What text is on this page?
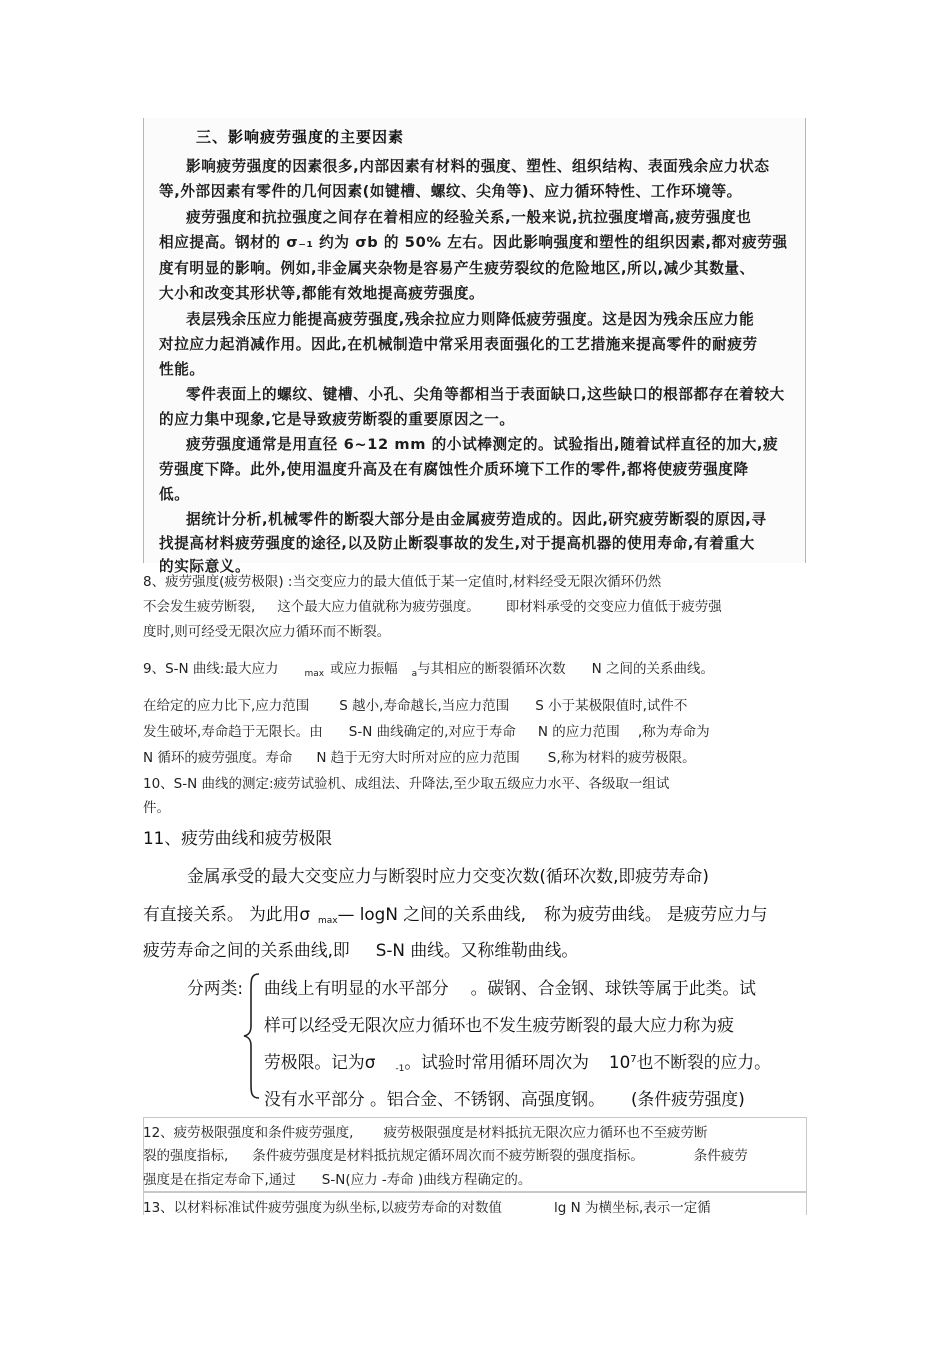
三、影响疲劳强度的主要因素
影响疲劳强度的因素很多,内部因素有材料的强度、塑性、组织结构、表面残余应力状态
等,外部因素有零件的几何因素(如键槽、螺纹、尖角等)、应力循环特性、工作环境等。
疲劳强度和抗拉强度之间存在着相应的经验关系,一般来说,抗拉强度增高,疲劳强度也
相应提高。钢材的 σ₋₁ 约为 σb 的 50% 左右。因此影响强度和塑性的组织因素,都对疲劳强
度有明显的影响。例如,非金属夹杂物是容易产生疲劳裂纹的危险地区,所以,减少其数量、
大小和改变其形状等,都能有效地提高疲劳强度。
表层残余压应力能提高疲劳强度,残余拉应力则降低疲劳强度。这是因为残余压应力能
对拉应力起消减作用。因此,在机械制造中常采用表面强化的工艺措施来提高零件的耐疲劳
性能。
零件表面上的螺纹、键槽、小孔、尖角等都相当于表面缺口,这些缺口的根部都存在着较大
的应力集中现象,它是导致疲劳断裂的重要原因之一。
疲劳强度通常是用直径 6~12 mm 的小试棒测定的。试验指出,随着试样直径的加大,疲
劳强度下降。此外,使用温度升高及在有腐蚀性介质环境下工作的零件,都将使疲劳强度降
低。
据统计分析,机械零件的断裂大部分是由金属疲劳造成的。因此,研究疲劳断裂的原因,寻
找提高材料疲劳强度的途径,以及防止断裂事故的发生,对于提高机器的使用寿命,有着重大
的实际意义。
8、疲劳强度(疲劳极限) :当交变应力的最大值低于某一定值时,材料经受无限次循环仍然
不会发生疲劳断裂, 这个最大应力值就称为疲劳强度。 即材料承受的交变应力值低于疲劳强
度时,则可经受无限次应力循环而不断裂。
9、S-N 曲线:最大应力	$_{max}$ 或应力振幅 $_a$与其相应的断裂循环次数 N 之间的关系曲线。
在给定的应力比下,应力范围 S 越小,寿命越长,当应力范围 S 小于某极限值时,试件不
发生破坏,寿命趋于无限长。由 S-N 曲线确定的,对应于寿命 N 的应力范围 ,称为寿命为
N 循环的疲劳强度。寿命 N 趋于无穷大时所对应的应力范围 S,称为材料的疲劳极限。
10、S-N 曲线的测定:疲劳试验机、成组法、升降法,至少取五级应力水平、各级取一组试
件。
11、疲劳曲线和疲劳极限
金属承受的最大交变应力与断裂时应力交变次数(循环次数,即疲劳寿命)
有直接关系。 为此用σ $_{max}$— logN 之间的关系曲线, 称为疲劳曲线。 是疲劳应力与
疲劳寿命之间的关系曲线,即 S-N 曲线。又称维勒曲线。
分两类: 曲线上有明显的水平部分 。碳钢、合金钢、球铁等属于此类。试
样可以经受无限次应力循环也不发生疲劳断裂的最大应力称为疲
劳极限。记为σ $_{-1}$。试验时常用循环周次为 $10^7$也不断裂的应力。
没有水平部分 。铝合金、不锈钢、高强度钢。 (条件疲劳强度)
12、疲劳极限强度和条件疲劳强度, 疲劳极限强度是材料抵抗无限次应力循环也不至疲劳断
裂的强度指标, 条件疲劳强度是材料抵抗规定循环周次而不疲劳断裂的强度指标。	条件疲劳
强度是在指定寿命下,通过 S-N(应力 -寿命 )曲线方程确定的。
13、以材料标准试件疲劳强度为纵坐标,以疲劳寿命的对数值	lg N 为横坐标,表示一定循
